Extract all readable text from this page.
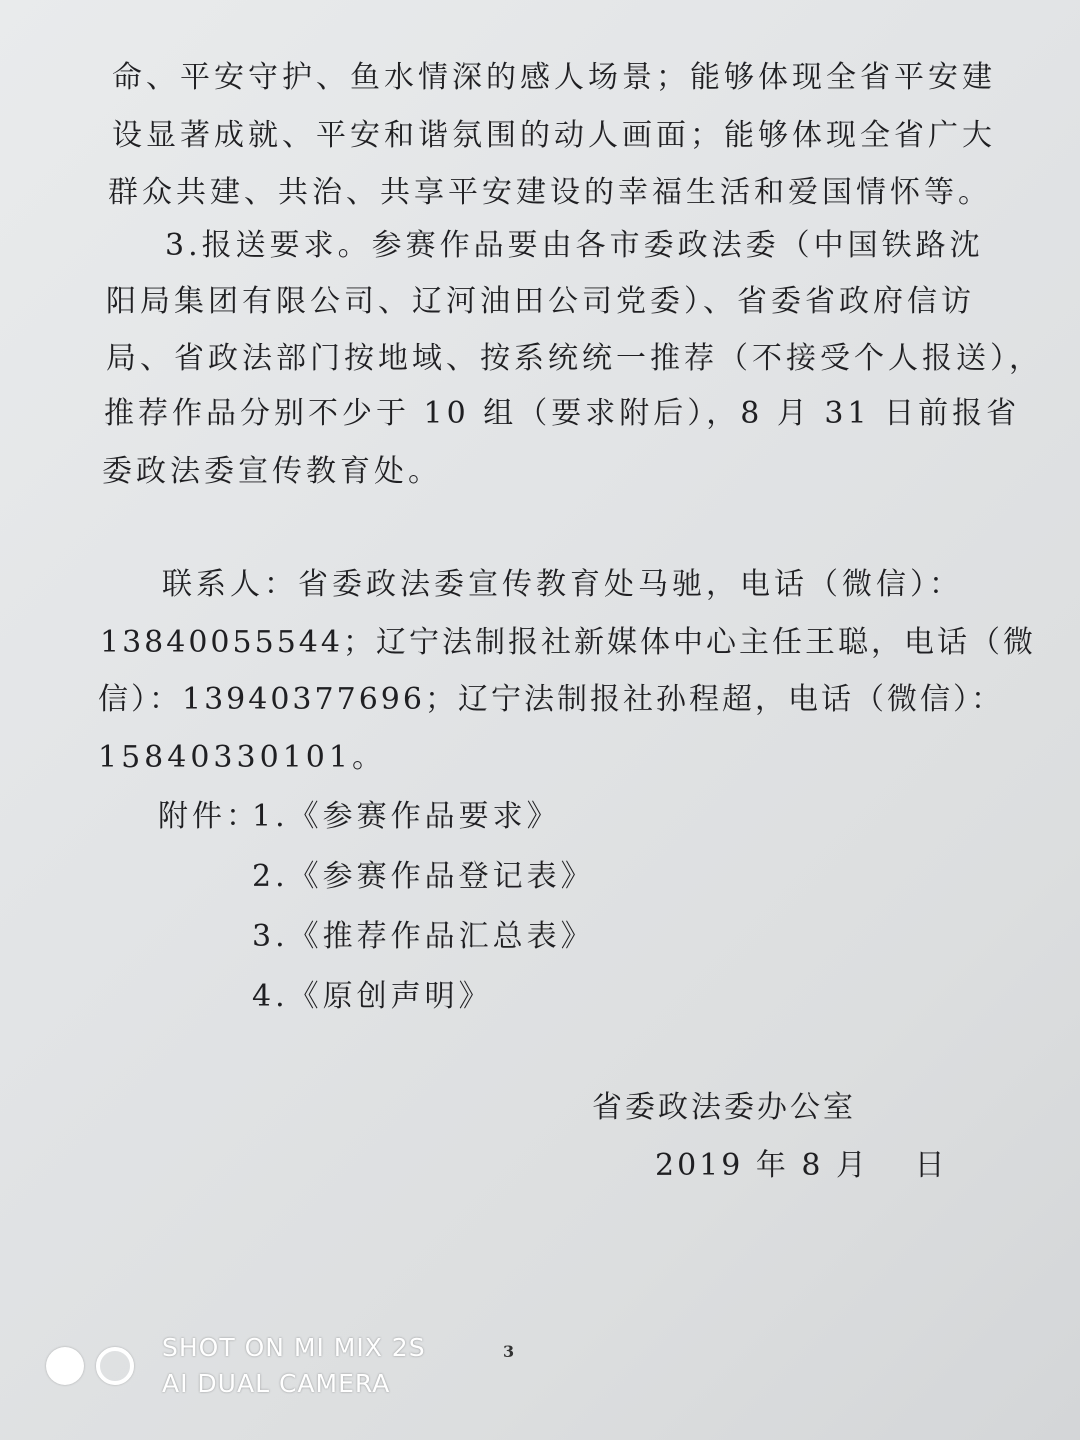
命、平安守护、鱼水情深的感人场景；能够体现全省平安建
设显著成就、平安和谐氛围的动人画面；能够体现全省广大
群众共建、共治、共享平安建设的幸福生活和爱国情怀等。
3.报送要求。参赛作品要由各市委政法委（中国铁路沈
阳局集团有限公司、辽河油田公司党委）、省委省政府信访
局、省政法部门按地域、按系统统一推荐（不接受个人报送），
推荐作品分别不少于 10 组（要求附后），8 月 31 日前报省
委政法委宣传教育处。
联系人：省委政法委宣传教育处马驰，电话（微信）：
13840055544；辽宁法制报社新媒体中心主任王聪，电话（微
信）：13940377696；辽宁法制报社孙程超，电话（微信）：
15840330101。
附件：
1.《参赛作品要求》
2.《参赛作品登记表》
3.《推荐作品汇总表》
4.《原创声明》
省委政法委办公室
2019 年 8 月　 日
3
SHOT ON MI MIX 2S
AI DUAL CAMERA
